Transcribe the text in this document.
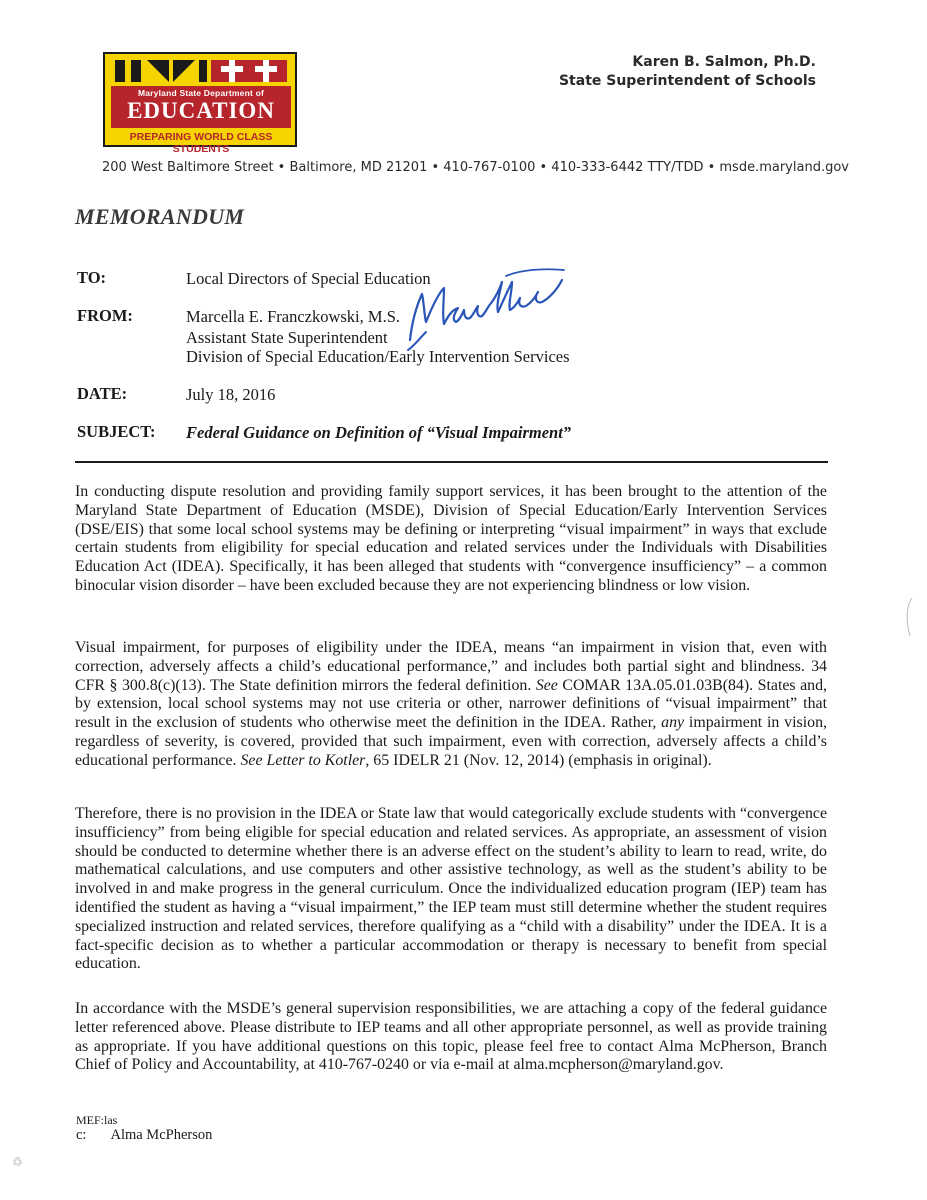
Maryland State Department of
EDUCATION
PREPARING WORLD CLASS STUDENTS
Karen B. Salmon, Ph.D.
State Superintendent of Schools
200 West Baltimore Street • Baltimore, MD 21201 • 410-767-0100 • 410-333-6442 TTY/TDD • msde.maryland.gov
MEMORANDUM
TO:	Local Directors of Special Education
FROM:	Marcella E. Franczkowski, M.S.
Assistant State Superintendent
Division of Special Education/Early Intervention Services
DATE:	July 18, 2016
SUBJECT: Federal Guidance on Definition of “Visual Impairment”
In conducting dispute resolution and providing family support services, it has been brought to the attention of the Maryland State Department of Education (MSDE), Division of Special Education/Early Intervention Services (DSE/EIS) that some local school systems may be defining or interpreting “visual impairment” in ways that exclude certain students from eligibility for special education and related services under the Individuals with Disabilities Education Act (IDEA). Specifically, it has been alleged that students with “convergence insufficiency” – a common binocular vision disorder – have been excluded because they are not experiencing blindness or low vision.
Visual impairment, for purposes of eligibility under the IDEA, means “an impairment in vision that, even with correction, adversely affects a child’s educational performance,” and includes both partial sight and blindness. 34 CFR § 300.8(c)(13). The State definition mirrors the federal definition. See COMAR 13A.05.01.03B(84). States and, by extension, local school systems may not use criteria or other, narrower definitions of “visual impairment” that result in the exclusion of students who otherwise meet the definition in the IDEA. Rather, any impairment in vision, regardless of severity, is covered, provided that such impairment, even with correction, adversely affects a child’s educational performance. See Letter to Kotler, 65 IDELR 21 (Nov. 12, 2014) (emphasis in original).
Therefore, there is no provision in the IDEA or State law that would categorically exclude students with “convergence insufficiency” from being eligible for special education and related services. As appropriate, an assessment of vision should be conducted to determine whether there is an adverse effect on the student’s ability to learn to read, write, do mathematical calculations, and use computers and other assistive technology, as well as the student’s ability to be involved in and make progress in the general curriculum. Once the individualized education program (IEP) team has identified the student as having a “visual impairment,” the IEP team must still determine whether the student requires specialized instruction and related services, therefore qualifying as a “child with a disability” under the IDEA. It is a fact-specific decision as to whether a particular accommodation or therapy is necessary to benefit from special education.
In accordance with the MSDE’s general supervision responsibilities, we are attaching a copy of the federal guidance letter referenced above. Please distribute to IEP teams and all other appropriate personnel, as well as provide training as appropriate. If you have additional questions on this topic, please feel free to contact Alma McPherson, Branch Chief of Policy and Accountability, at 410-767-0240 or via e-mail at alma.mcpherson@maryland.gov.
MEF:las
c: Alma McPherson
♲
